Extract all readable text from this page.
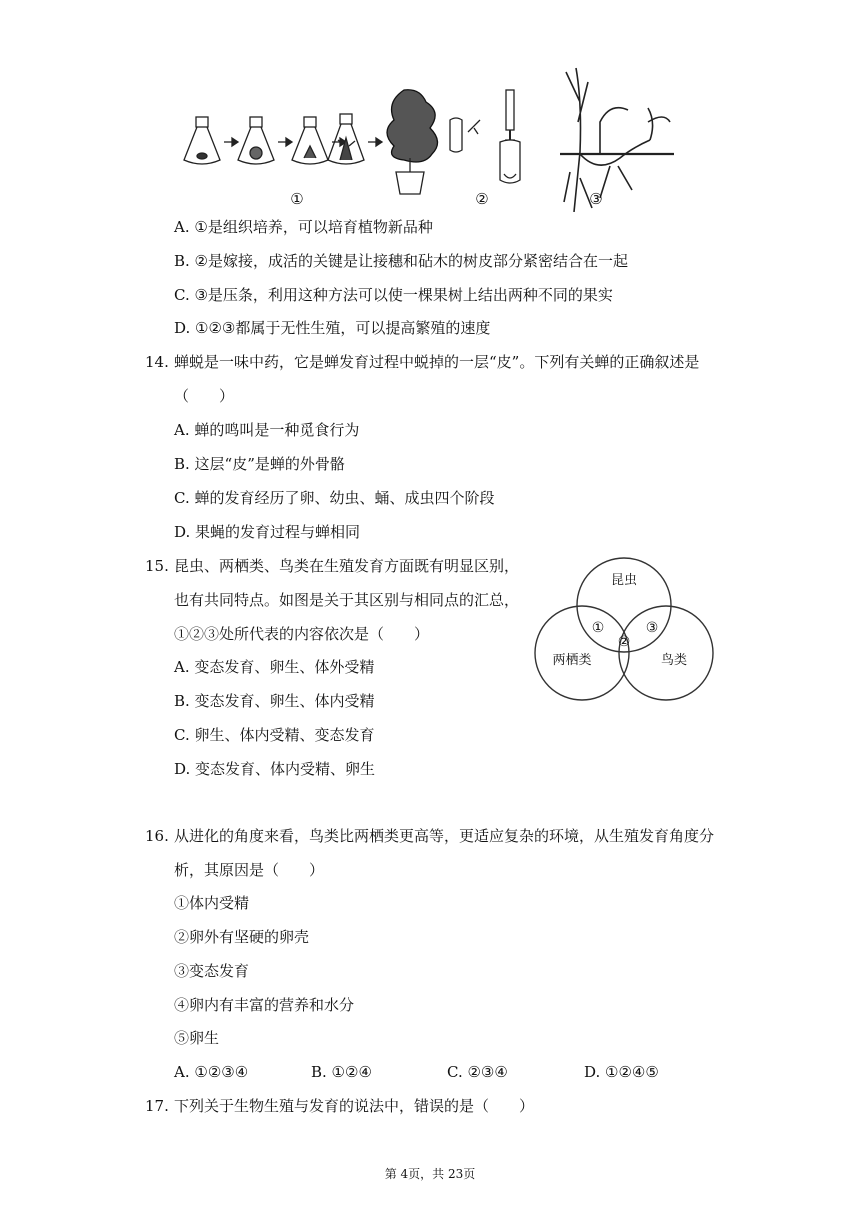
①	②	③
A. ①是组织培养，可以培育植物新品种
B. ②是嫁接，成活的关键是让接穗和砧木的树皮部分紧密结合在一起
C. ③是压条，利用这种方法可以使一棵果树上结出两种不同的果实
D. ①②③都属于无性生殖，可以提高繁殖的速度
14. 蝉蜕是一味中药，它是蝉发育过程中蜕掉的一层“皮”。下列有关蝉的正确叙述是
（　　）
A. 蝉的鸣叫是一种觅食行为
B. 这层“皮”是蝉的外骨骼
C. 蝉的发育经历了卵、幼虫、蛹、成虫四个阶段
D. 果蝇的发育过程与蝉相同
15. 昆虫、两栖类、鸟类在生殖发育方面既有明显区别，
也有共同特点。如图是关于其区别与相同点的汇总，
①②③处所代表的内容依次是（　　）
A. 变态发育、卵生、体外受精
B. 变态发育、卵生、体内受精
C. 卵生、体内受精、变态发育
D. 变态发育、体内受精、卵生
昆虫
两栖类	鸟类
①
②
③
16. 从进化的角度来看，鸟类比两栖类更高等，更适应复杂的环境，从生殖发育角度分
析，其原因是（　　）
①体内受精
②卵外有坚硬的卵壳
③变态发育
④卵内有丰富的营养和水分
⑤卵生
A. ①②③④	B. ①②④	C. ②③④	D. ①②④⑤
17. 下列关于生物生殖与发育的说法中，错误的是（　　）
第 4页，共 23页
